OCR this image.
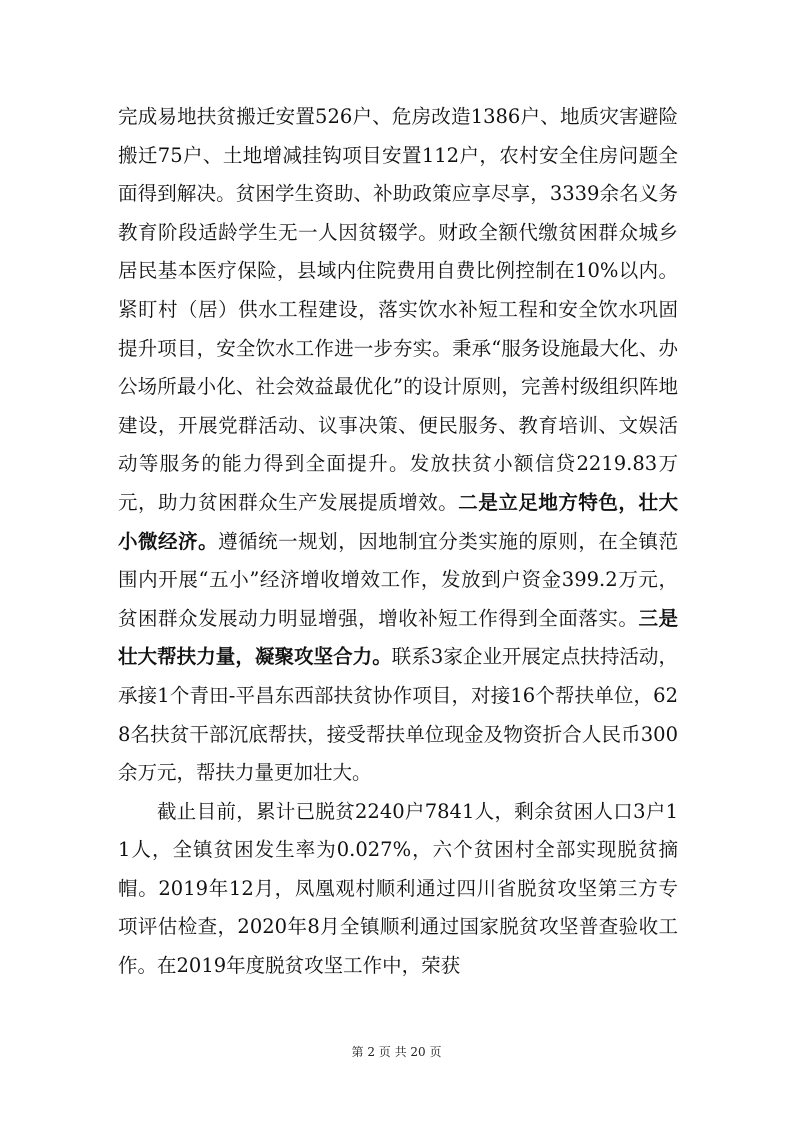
完成易地扶贫搬迁安置526户、危房改造1386户、地质灾害避险搬迁75户、土地增减挂钩项目安置112户，农村安全住房问题全面得到解决。贫困学生资助、补助政策应享尽享，3339余名义务教育阶段适龄学生无一人因贫辍学。财政全额代缴贫困群众城乡居民基本医疗保险，县域内住院费用自费比例控制在10%以内。紧盯村（居）供水工程建设，落实饮水补短工程和安全饮水巩固提升项目，安全饮水工作进一步夯实。秉承“服务设施最大化、办公场所最小化、社会效益最优化”的设计原则，完善村级组织阵地建设，开展党群活动、议事决策、便民服务、教育培训、文娱活动等服务的能力得到全面提升。发放扶贫小额信贷2219.83万元，助力贫困群众生产发展提质增效。二是立足地方特色，壮大小微经济。遵循统一规划，因地制宜分类实施的原则，在全镇范围内开展“五小”经济增收增效工作，发放到户资金399.2万元，贫困群众发展动力明显增强，增收补短工作得到全面落实。三是壮大帮扶力量，凝聚攻坚合力。联系3家企业开展定点扶持活动，承接1个青田-平昌东西部扶贫协作项目，对接16个帮扶单位，628名扶贫干部沉底帮扶，接受帮扶单位现金及物资折合人民币300余万元，帮扶力量更加壮大。

截止目前，累计已脱贫2240户7841人，剩余贫困人口3户11人，全镇贫困发生率为0.027%，六个贫困村全部实现脱贫摘帽。2019年12月，凤凰观村顺利通过四川省脱贫攻坚第三方专项评估检查，2020年8月全镇顺利通过国家脱贫攻坚普查验收工作。在2019年度脱贫攻坚工作中，荣获

第 2 页 共 20 页
